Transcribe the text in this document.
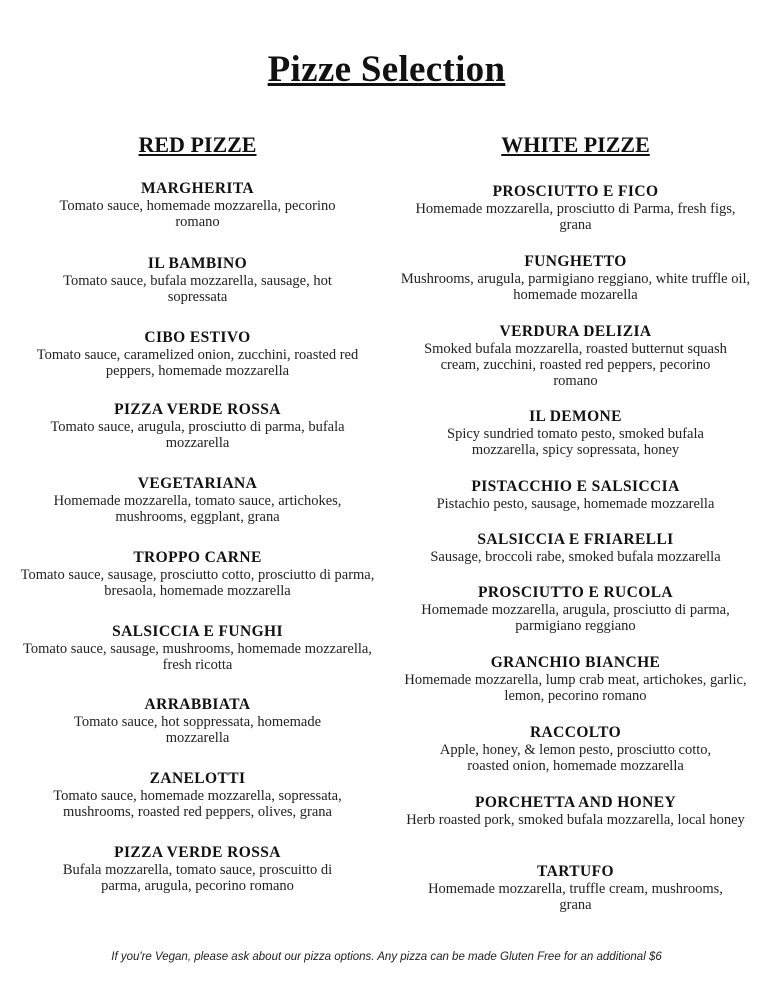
Pizze Selection
RED PIZZE

MARGHERITA

Tomato sauce, homemade mozzarella, pecorino romano

IL BAMBINO

Tomato sauce, bufala mozzarella, sausage, hot sopressata

CIBO ESTIVO

Tomato sauce, caramelized onion, zucchini, roasted red peppers, homemade mozzarella

PIZZA VERDE ROSSA

Tomato sauce, arugula, prosciutto di parma, bufala mozzarella

VEGETARIANA

Homemade mozzarella, tomato sauce, artichokes, mushrooms, eggplant, grana

TROPPO CARNE

Tomato sauce, sausage, prosciutto cotto, prosciutto di parma, bresaola, homemade mozzarella

SALSICCIA E FUNGHI

Tomato sauce, sausage, mushrooms, homemade mozzarella, fresh ricotta

ARRABBIATA

Tomato sauce, hot soppressata, homemade mozzarella

ZANELOTTI

Tomato sauce, homemade mozzarella, sopressata, mushrooms, roasted red peppers, olives, grana

PIZZA VERDE ROSSA

Bufala mozzarella, tomato sauce, proscuitto di parma, arugula, pecorino romano

WHITE PIZZE

PROSCIUTTO E FICO

Homemade mozzarella, prosciutto di Parma, fresh figs, grana

FUNGHETTO

Mushrooms, arugula, parmigiano reggiano, white truffle oil, homemade mozarella

VERDURA DELIZIA

Smoked bufala mozzarella, roasted butternut squash cream, zucchini, roasted red peppers, pecorino romano

IL DEMONE

Spicy sundried tomato pesto, smoked bufala mozzarella, spicy sopressata, honey

PISTACCHIO E SALSICCIA

Pistachio pesto, sausage, homemade mozzarella

SALSICCIA E FRIARELLI

Sausage, broccoli rabe, smoked bufala mozzarella

PROSCIUTTO E RUCOLA

Homemade mozzarella, arugula, prosciutto di parma, parmigiano reggiano

GRANCHIO BIANCHE

Homemade mozzarella, lump crab meat, artichokes, garlic, lemon, pecorino romano

RACCOLTO

Apple, honey, & lemon pesto, prosciutto cotto, roasted onion, homemade mozzarella

PORCHETTA AND HONEY

Herb roasted pork, smoked bufala mozzarella, local honey

TARTUFO

Homemade mozzarella, truffle cream, mushrooms, grana

If you're Vegan, please ask about our pizza options. Any pizza can be made Gluten Free for an additional $6
